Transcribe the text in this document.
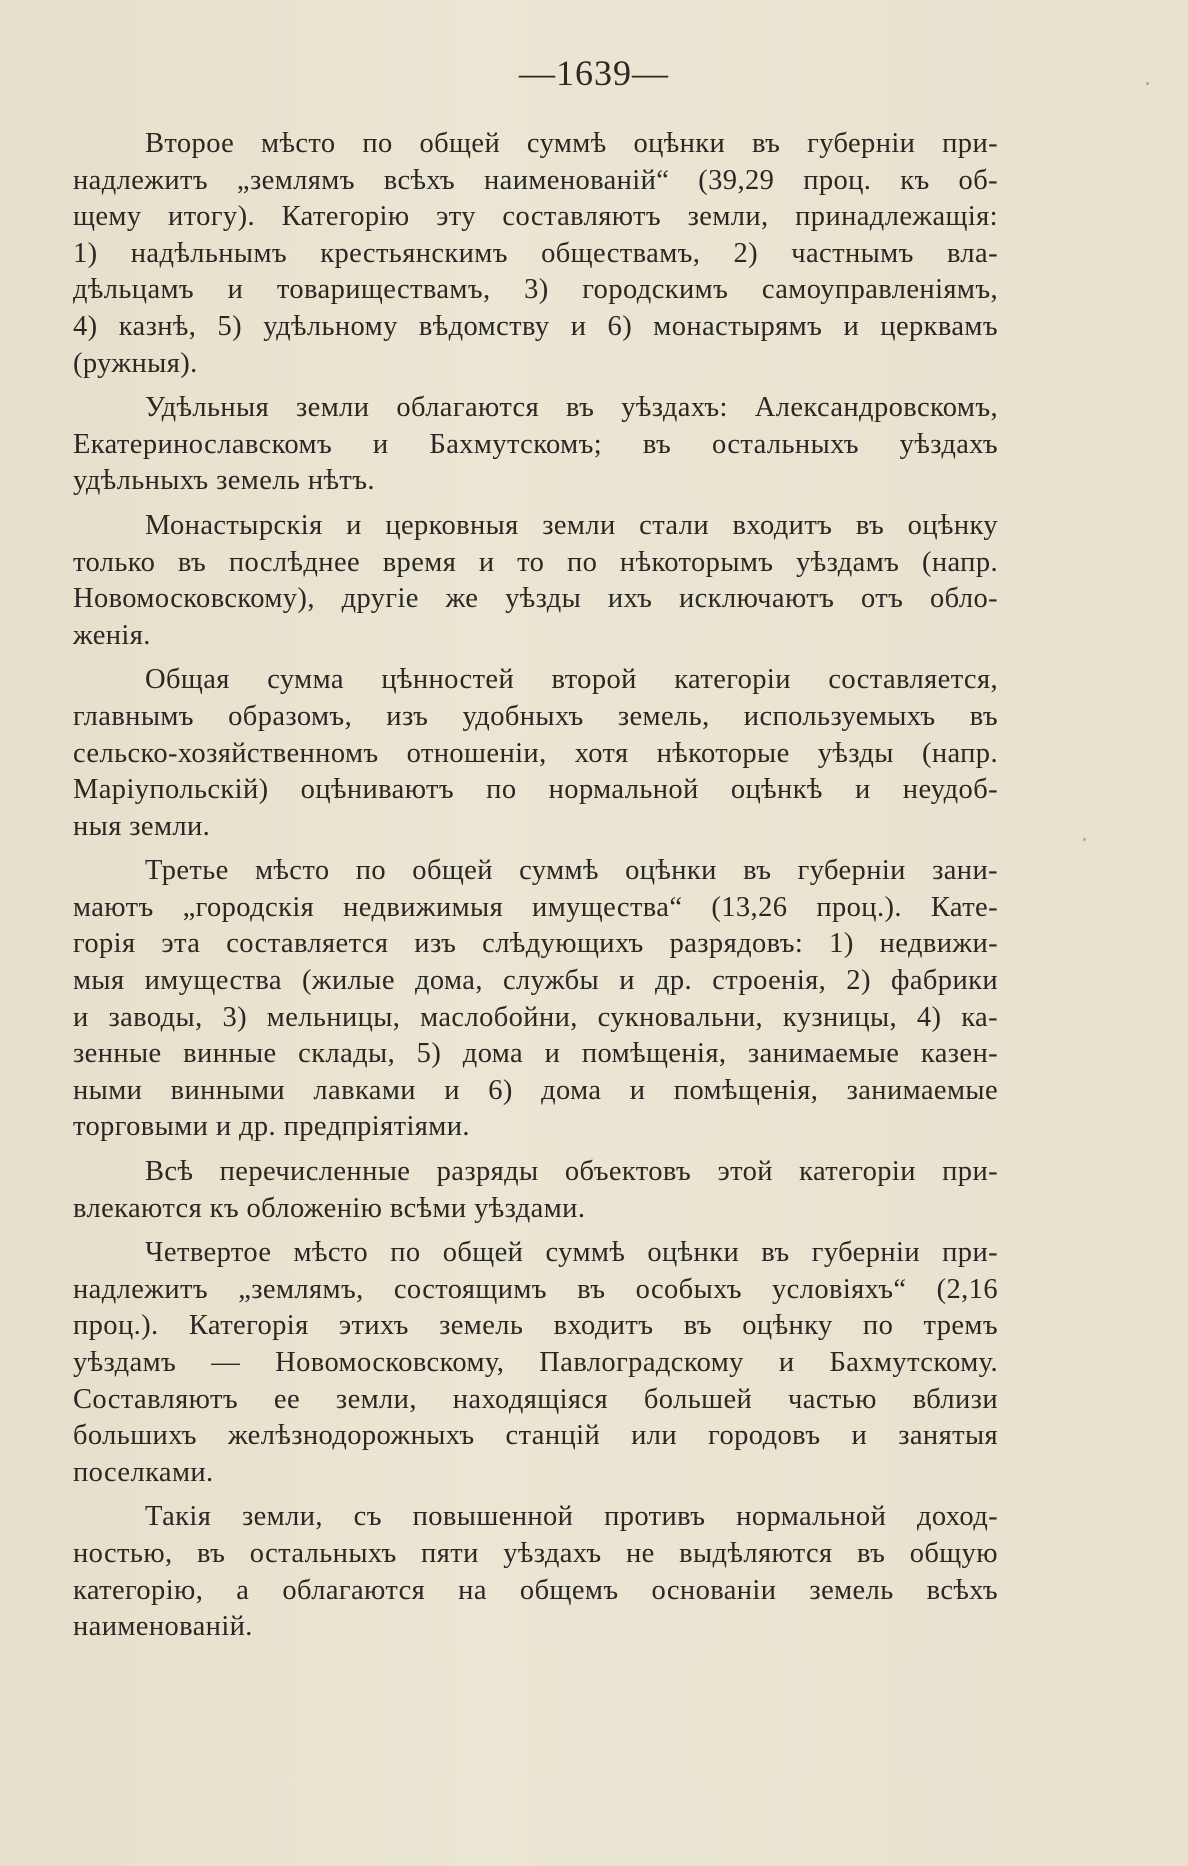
—1639—
Второе мѣсто по общей суммѣ оцѣнки въ губерніи при-
надлежитъ „землямъ всѣхъ наименованій“ (39,29 проц. къ об-
щему итогу). Категорію эту составляютъ земли, принадлежащія:
1) надѣльнымъ крестьянскимъ обществамъ, 2) частнымъ вла-
дѣльцамъ и товариществамъ, 3) городскимъ самоуправленіямъ,
4) казнѣ, 5) удѣльному вѣдомству и 6) монастырямъ и церквамъ
(ружныя).
Удѣльныя земли облагаются въ уѣздахъ: Александровскомъ,
Екатеринославскомъ и Бахмутскомъ; въ остальныхъ уѣздахъ
удѣльныхъ земель нѣтъ.
Монастырскія и церковныя земли стали входитъ въ оцѣнку
только въ послѣднее время и то по нѣкоторымъ уѣздамъ (напр.
Новомосковскому), другіе же уѣзды ихъ исключаютъ отъ обло-
женія.
Общая сумма цѣнностей второй категоріи составляется,
главнымъ образомъ, изъ удобныхъ земель, используемыхъ въ
сельско-хозяйственномъ отношеніи, хотя нѣкоторые уѣзды (напр.
Маріупольскій) оцѣниваютъ по нормальной оцѣнкѣ и неудоб-
ныя земли.
Третье мѣсто по общей суммѣ оцѣнки въ губерніи зани-
маютъ „городскія недвижимыя имущества“ (13,26 проц.). Кате-
горія эта составляется изъ слѣдующихъ разрядовъ: 1) недвижи-
мыя имущества (жилые дома, службы и др. строенія, 2) фабрики
и заводы, 3) мельницы, маслобойни, сукновальни, кузницы, 4) ка-
зенные винные склады, 5) дома и помѣщенія, занимаемые казен-
ными винными лавками и 6) дома и помѣщенія, занимаемые
торговыми и др. предпріятіями.
Всѣ перечисленные разряды объектовъ этой категоріи при-
влекаются къ обложенію всѣми уѣздами.
Четвертое мѣсто по общей суммѣ оцѣнки въ губерніи при-
надлежитъ „землямъ, состоящимъ въ особыхъ условіяхъ“ (2,16
проц.). Категорія этихъ земель входитъ въ оцѣнку по тремъ
уѣздамъ — Новомосковскому, Павлоградскому и Бахмутскому.
Составляютъ ее земли, находящіяся большей частью вблизи
большихъ желѣзнодорожныхъ станцій или городовъ и занятыя
поселками.
Такія земли, съ повышенной противъ нормальной доход-
ностью, въ остальныхъ пяти уѣздахъ не выдѣляются въ общую
категорію, а облагаются на общемъ основаніи земель всѣхъ
наименованій.
